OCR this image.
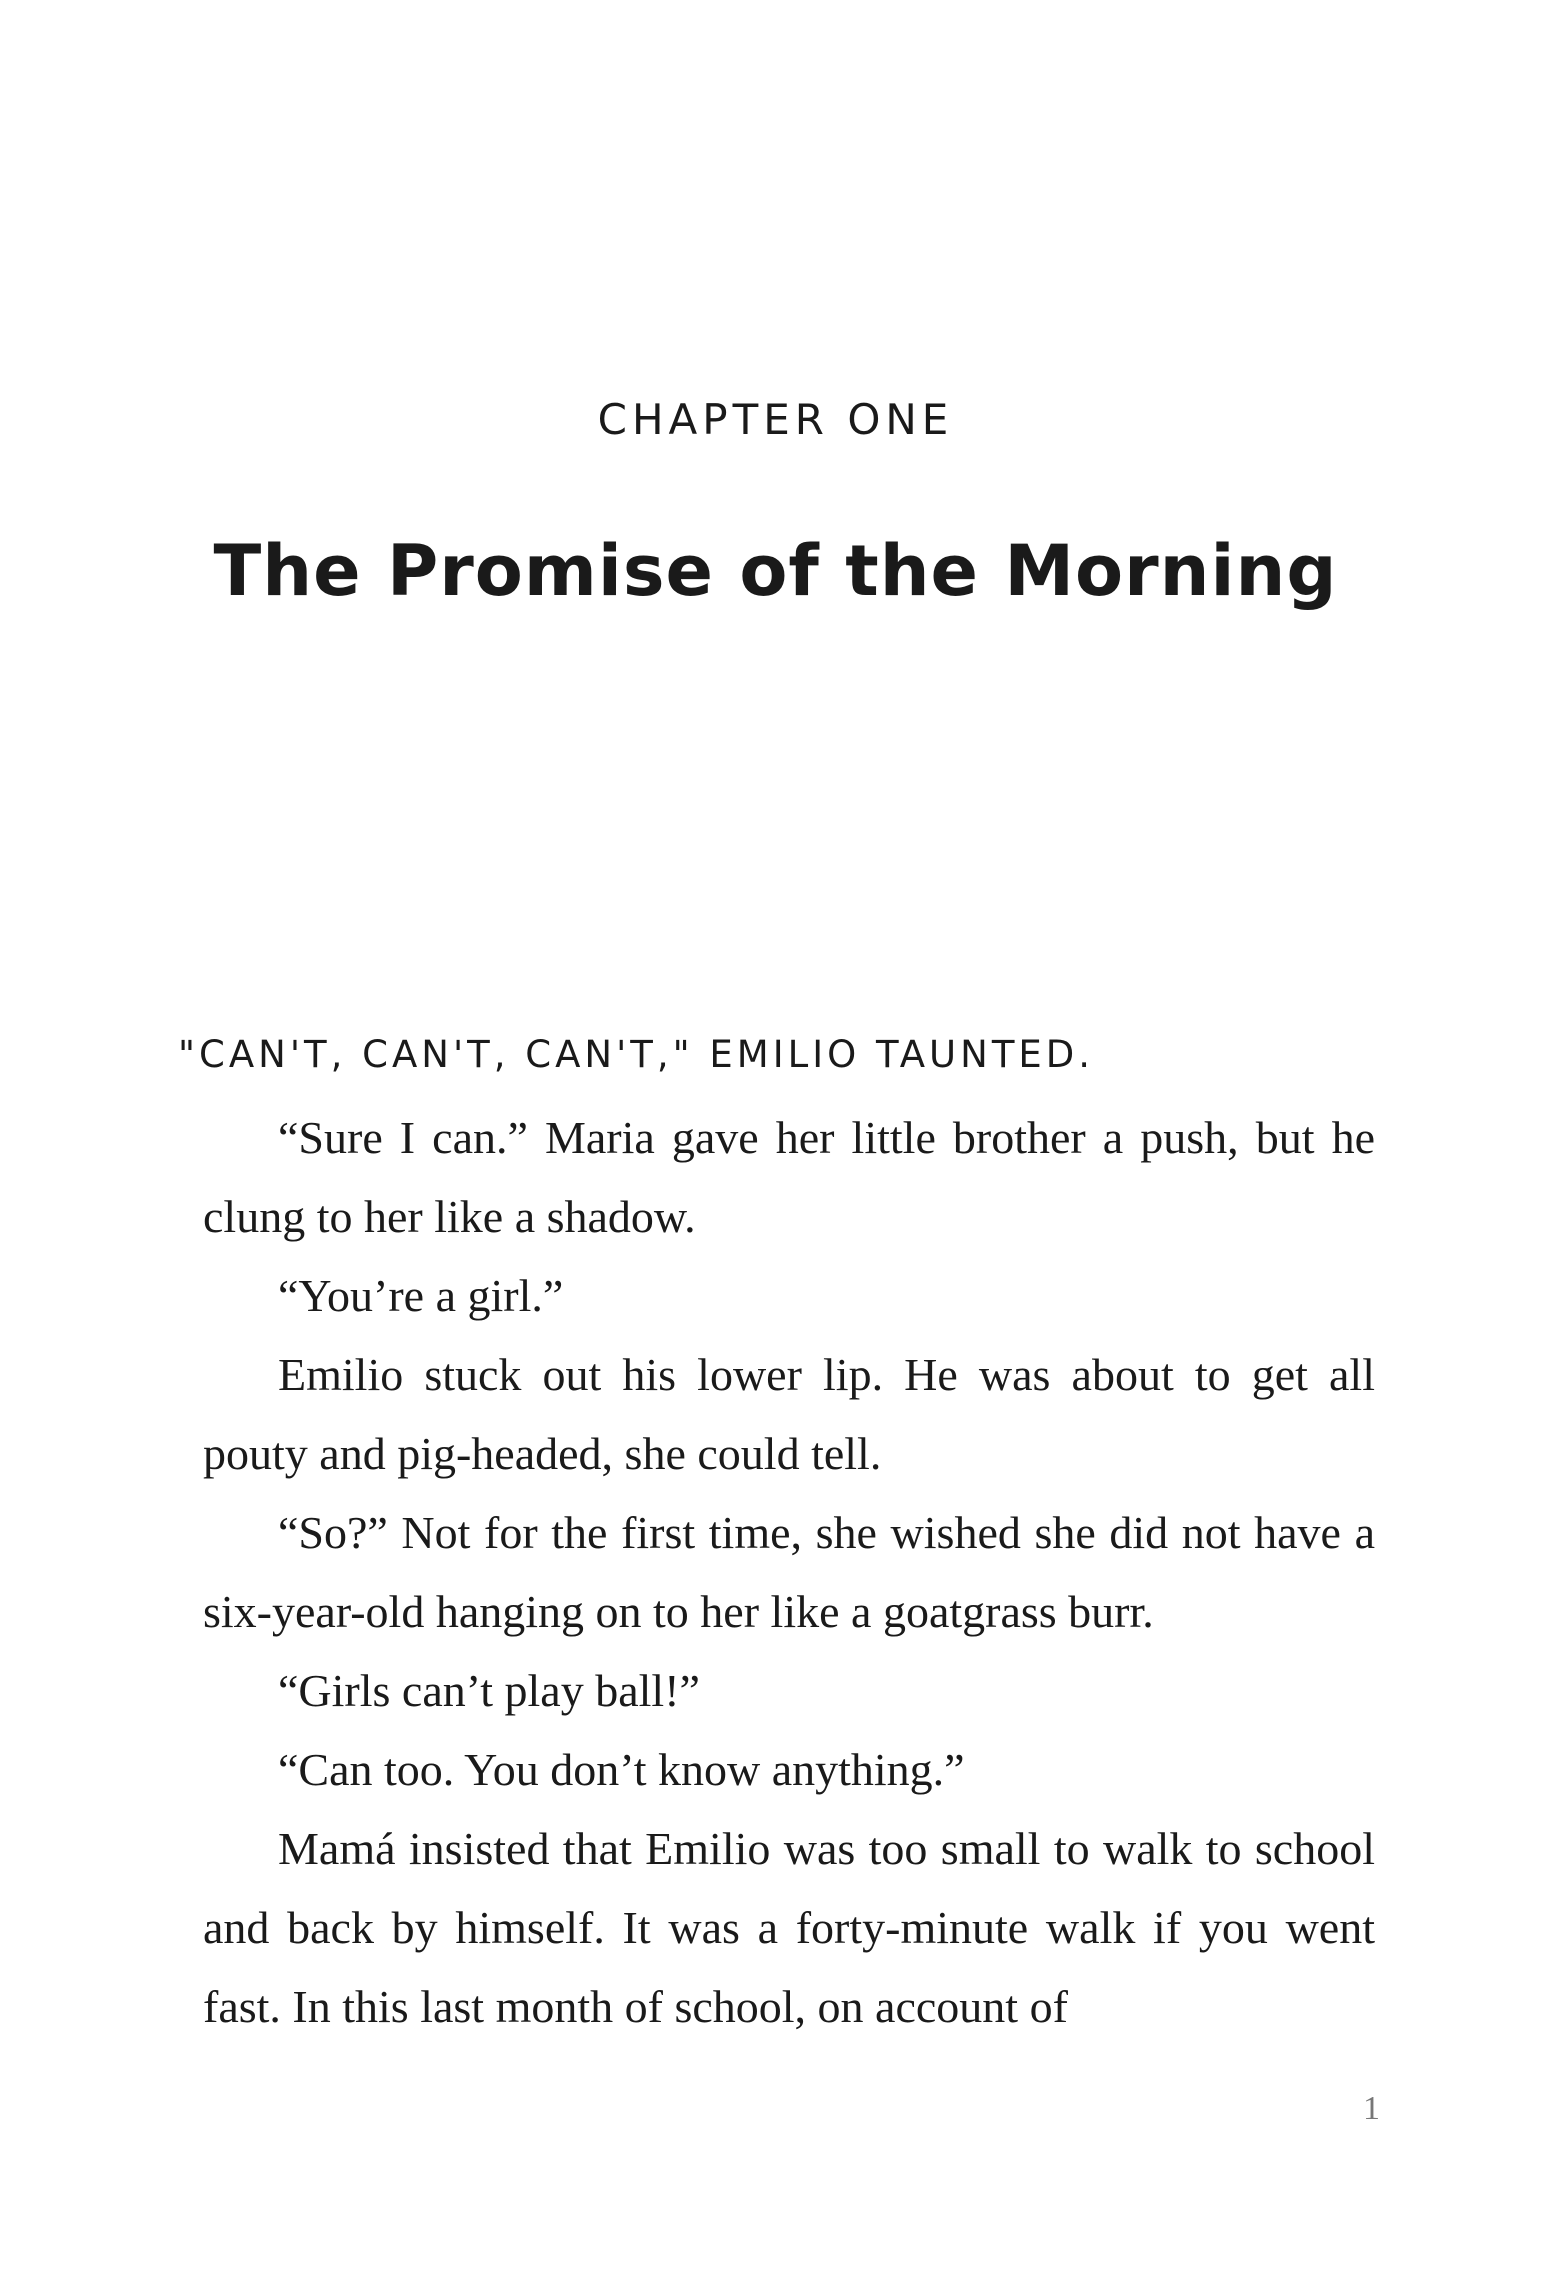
CHAPTER ONE
The Promise of the Morning
"CAN'T, CAN'T, CAN'T," EMILIO TAUNTED.

“Sure I can.” Maria gave her little brother a push, but he clung to her like a shadow.

“You’re a girl.”

Emilio stuck out his lower lip. He was about to get all pouty and pig-headed, she could tell.

“So?” Not for the first time, she wished she did not have a six-year-old hanging on to her like a goatgrass burr.

“Girls can’t play ball!”

“Can too. You don’t know anything.”

Mamá insisted that Emilio was too small to walk to school and back by himself. It was a forty-minute walk if you went fast. In this last month of school, on account of

1
